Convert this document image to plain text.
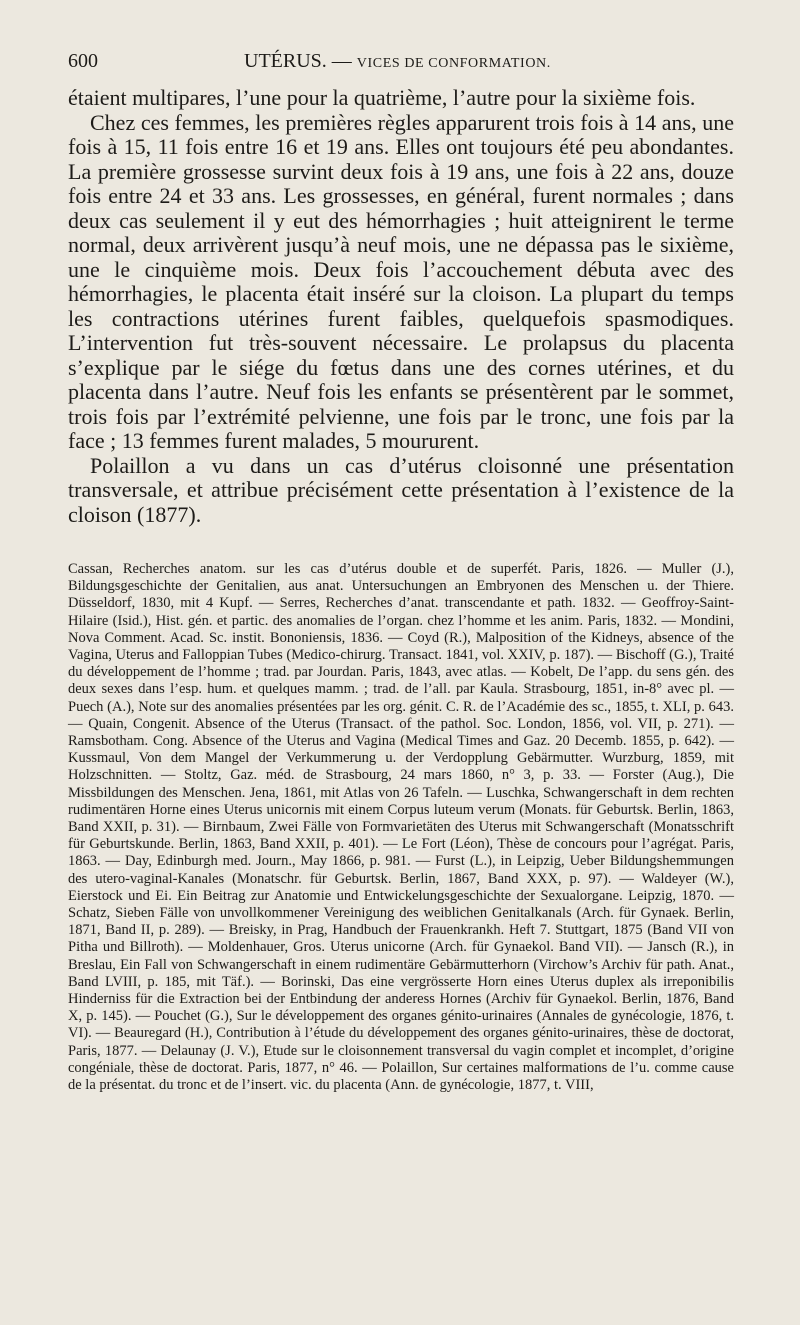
600	UTÉRUS. — VICES DE CONFORMATION.

étaient multipares, l’une pour la quatrième, l’autre pour la sixième fois.

Chez ces femmes, les premières règles apparurent trois fois à 14 ans, une fois à 15, 11 fois entre 16 et 19 ans. Elles ont toujours été peu abondantes. La première grossesse survint deux fois à 19 ans, une fois à 22 ans, douze fois entre 24 et 33 ans. Les grossesses, en général, furent normales ; dans deux cas seulement il y eut des hémorrhagies ; huit atteignirent le terme normal, deux arrivèrent jusqu’à neuf mois, une ne dépassa pas le sixième, une le cinquième mois. Deux fois l’accouchement débuta avec des hémorrhagies, le placenta était inséré sur la cloison. La plupart du temps les contractions utérines furent faibles, quelquefois spasmodiques. L’intervention fut très-souvent nécessaire. Le prolapsus du placenta s’explique par le siége du fœtus dans une des cornes utérines, et du placenta dans l’autre. Neuf fois les enfants se présentèrent par le sommet, trois fois par l’extrémité pelvienne, une fois par le tronc, une fois par la face ; 13 femmes furent malades, 5 moururent.

Polaillon a vu dans un cas d’utérus cloisonné une présentation transversale, et attribue précisément cette présentation à l’existence de la cloison (1877).

Cassan, Recherches anatom. sur les cas d’utérus double et de superfét. Paris, 1826. — Muller (J.), Bildungsgeschichte der Genitalien, aus anat. Untersuchungen an Embryonen des Menschen u. der Thiere. Düsseldorf, 1830, mit 4 Kupf. — Serres, Recherches d’anat. transcendante et path. 1832. — Geoffroy-Saint-Hilaire (Isid.), Hist. gén. et partic. des anomalies de l’organ. chez l’homme et les anim. Paris, 1832. — Mondini, Nova Comment. Acad. Sc. instit. Bononiensis, 1836. — Coyd (R.), Malposition of the Kidneys, absence of the Vagina, Uterus and Falloppian Tubes (Medico-chirurg. Transact. 1841, vol. XXIV, p. 187). — Bischoff (G.), Traité du développement de l’homme ; trad. par Jourdan. Paris, 1843, avec atlas. — Kobelt, De l’app. du sens gén. des deux sexes dans l’esp. hum. et quelques mamm. ; trad. de l’all. par Kaula. Strasbourg, 1851, in-8° avec pl. — Puech (A.), Note sur des anomalies présentées par les org. génit. C. R. de l’Académie des sc., 1855, t. XLI, p. 643. — Quain, Congenit. Absence of the Uterus (Transact. of the pathol. Soc. London, 1856, vol. VII, p. 271). — Ramsbotham. Cong. Absence of the Uterus and Vagina (Medical Times and Gaz. 20 Decemb. 1855, p. 642). — Kussmaul, Von dem Mangel der Verkummerung u. der Verdopplung Gebärmutter. Wurzburg, 1859, mit Holzschnitten. — Stoltz, Gaz. méd. de Strasbourg, 24 mars 1860, n° 3, p. 33. — Forster (Aug.), Die Missbildungen des Menschen. Jena, 1861, mit Atlas von 26 Tafeln. — Luschka, Schwangerschaft in dem rechten rudimentären Horne eines Uterus unicornis mit einem Corpus luteum verum (Monats. für Geburtsk. Berlin, 1863, Band XXII, p. 31). — Birnbaum, Zwei Fälle von Formvarietäten des Uterus mit Schwangerschaft (Monatsschrift für Geburtskunde. Berlin, 1863, Band XXII, p. 401). — Le Fort (Léon), Thèse de concours pour l’agrégat. Paris, 1863. — Day, Edinburgh med. Journ., May 1866, p. 981. — Furst (L.), in Leipzig, Ueber Bildungshemmungen des utero-vaginal-Kanales (Monatschr. für Geburtsk. Berlin, 1867, Band XXX, p. 97). — Waldeyer (W.), Eierstock und Ei. Ein Beitrag zur Anatomie und Entwickelungsgeschichte der Sexualorgane. Leipzig, 1870. — Schatz, Sieben Fälle von unvollkommener Vereinigung des weiblichen Genitalkanals (Arch. für Gynaek. Berlin, 1871, Band II, p. 289). — Breisky, in Prag, Handbuch der Frauenkrankh. Heft 7. Stuttgart, 1875 (Band VII von Pitha und Billroth). — Moldenhauer, Gros. Uterus unicorne (Arch. für Gynaekol. Band VII). — Jansch (R.), in Breslau, Ein Fall von Schwangerschaft in einem rudimentäre Gebärmutterhorn (Virchow’s Archiv für path. Anat., Band LVIII, p. 185, mit Täf.). — Borinski, Das eine vergrösserte Horn eines Uterus duplex als irreponibilis Hinderniss für die Extraction bei der Entbindung der anderess Hornes (Archiv für Gynaekol. Berlin, 1876, Band X, p. 145). — Pouchet (G.), Sur le développement des organes génito-urinaires (Annales de gynécologie, 1876, t. VI). — Beauregard (H.), Contribution à l’étude du développement des organes génito-urinaires, thèse de doctorat, Paris, 1877. — Delaunay (J. V.), Etude sur le cloisonnement transversal du vagin complet et incomplet, d’origine congéniale, thèse de doctorat. Paris, 1877, n° 46. — Polaillon, Sur certaines malformations de l’u. comme cause de la présentat. du tronc et de l’insert. vic. du placenta (Ann. de gynécologie, 1877, t. VIII,
